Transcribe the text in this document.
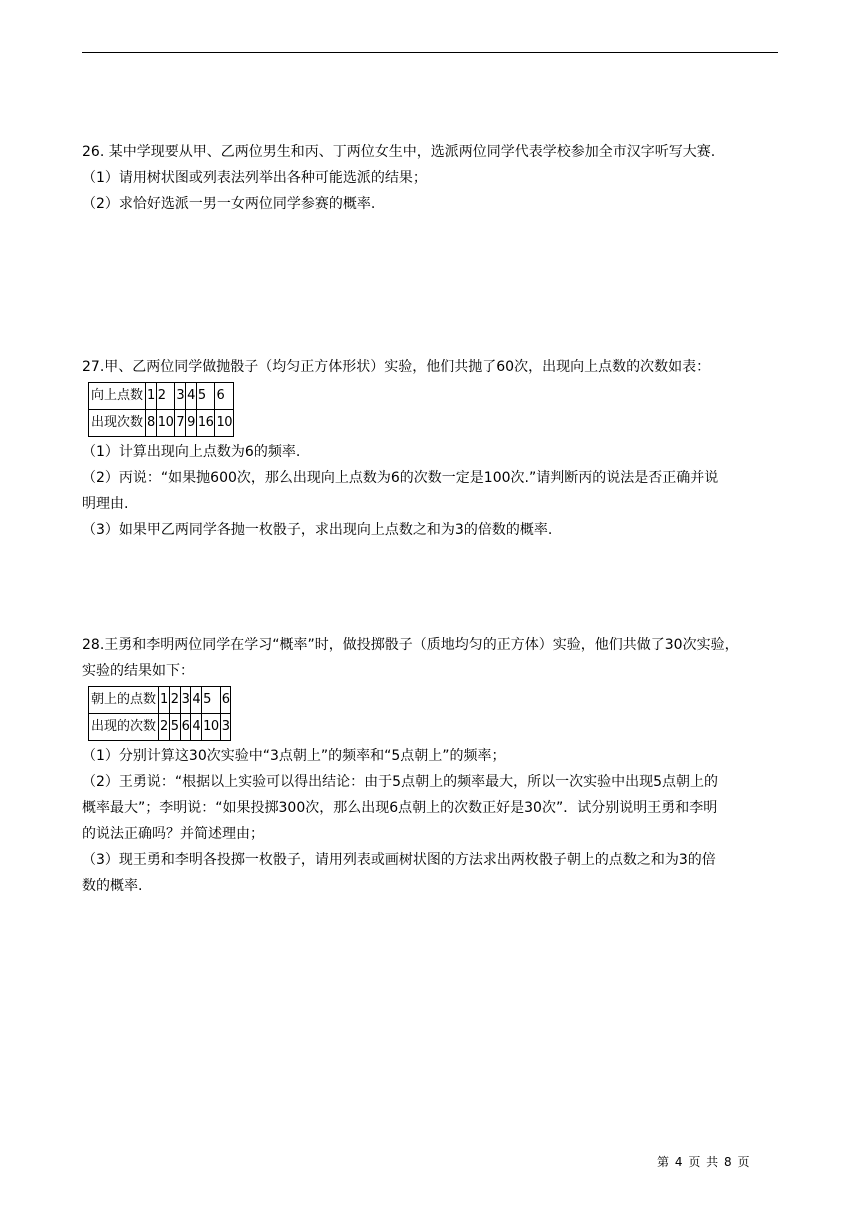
26. 某中学现要从甲、乙两位男生和丙、丁两位女生中，选派两位同学代表学校参加全市汉字听写大赛.

（1）请用树状图或列表法列举出各种可能选派的结果；

（2）求恰好选派一男一女两位同学参赛的概率.

27.甲、乙两位同学做抛骰子（均匀正方体形状）实验，他们共抛了60次，出现向上点数的次数如表：

向上点数	1	2	3	4	5	6
出现次数	8	10	7	9	16	10

（1）计算出现向上点数为6的频率.

（2）丙说：“如果抛600次，那么出现向上点数为6的次数一定是100次.”请判断丙的说法是否正确并说

明理由.

（3）如果甲乙两同学各抛一枚骰子，求出现向上点数之和为3的倍数的概率.

28.王勇和李明两位同学在学习“概率”时，做投掷骰子（质地均匀的正方体）实验，他们共做了30次实验，

实验的结果如下：

朝上的点数	1	2	3	4	5	6
出现的次数	2	5	6	4	10	3

（1）分别计算这30次实验中“3点朝上”的频率和“5点朝上”的频率；

（2）王勇说：“根据以上实验可以得出结论：由于5点朝上的频率最大，所以一次实验中出现5点朝上的

概率最大”；李明说：“如果投掷300次，那么出现6点朝上的次数正好是30次”．试分别说明王勇和李明

的说法正确吗？并简述理由；

（3）现王勇和李明各投掷一枚骰子，请用列表或画树状图的方法求出两枚骰子朝上的点数之和为3的倍

数的概率.

第 4 页 共 8 页
